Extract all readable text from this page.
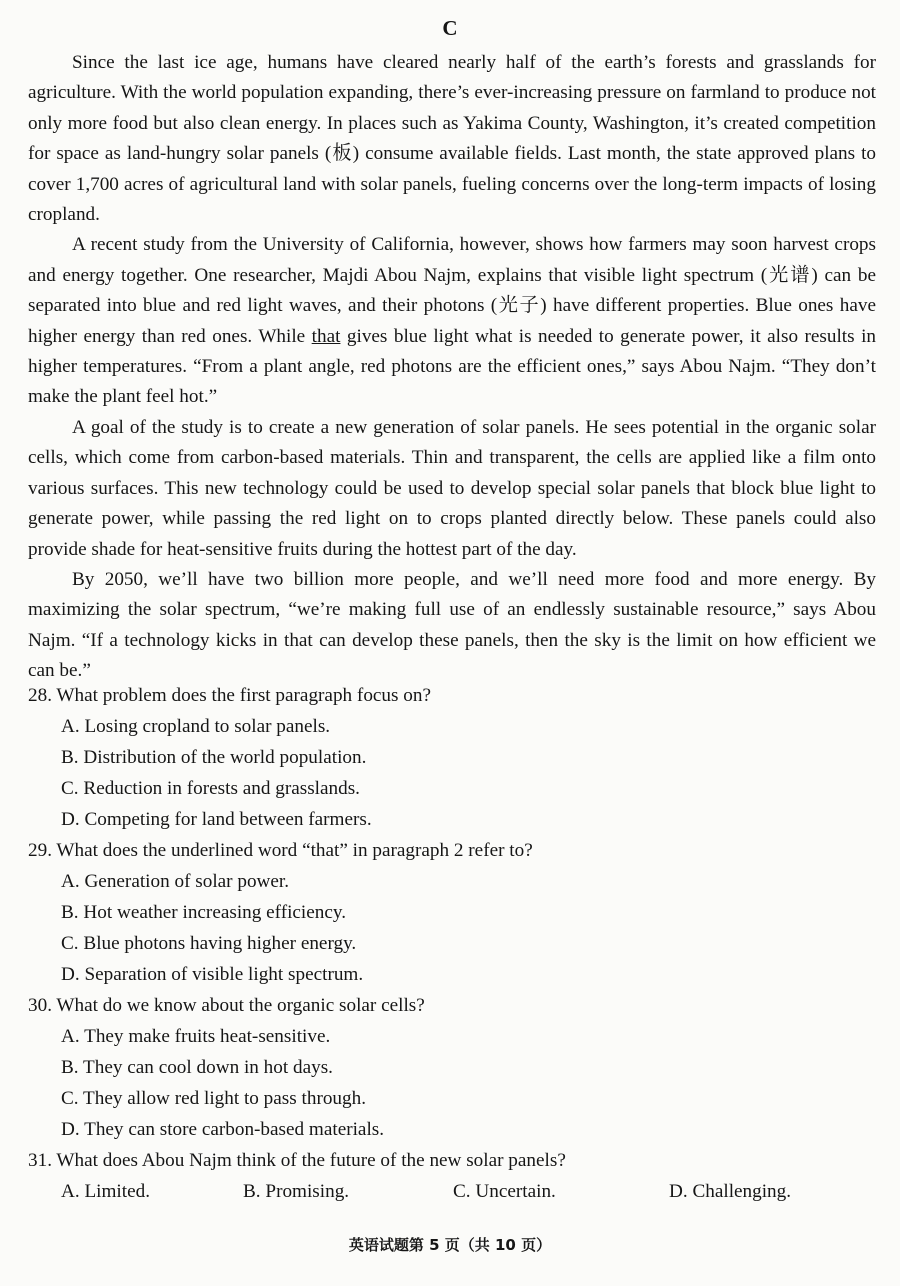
C

Since the last ice age, humans have cleared nearly half of the earth’s forests and grasslands for agriculture. With the world population expanding, there’s ever-increasing pressure on farmland to produce not only more food but also clean energy. In places such as Yakima County, Washington, it’s created competition for space as land-hungry solar panels (板) consume available fields. Last month, the state approved plans to cover 1,700 acres of agricultural land with solar panels, fueling concerns over the long-term impacts of losing cropland.

A recent study from the University of California, however, shows how farmers may soon harvest crops and energy together. One researcher, Majdi Abou Najm, explains that visible light spectrum (光谱) can be separated into blue and red light waves, and their photons (光子) have different properties. Blue ones have higher energy than red ones. While that gives blue light what is needed to generate power, it also results in higher temperatures. “From a plant angle, red photons are the efficient ones,” says Abou Najm. “They don’t make the plant feel hot.”

A goal of the study is to create a new generation of solar panels. He sees potential in the organic solar cells, which come from carbon-based materials. Thin and transparent, the cells are applied like a film onto various surfaces. This new technology could be used to develop special solar panels that block blue light to generate power, while passing the red light on to crops planted directly below. These panels could also provide shade for heat-sensitive fruits during the hottest part of the day.

By 2050, we’ll have two billion more people, and we’ll need more food and more energy. By maximizing the solar spectrum, “we’re making full use of an endlessly sustainable resource,” says Abou Najm. “If a technology kicks in that can develop these panels, then the sky is the limit on how efficient we can be.”

28. What problem does the first paragraph focus on?

A. Losing cropland to solar panels.

B. Distribution of the world population.

C. Reduction in forests and grasslands.

D. Competing for land between farmers.

29. What does the underlined word “that” in paragraph 2 refer to?

A. Generation of solar power.

B. Hot weather increasing efficiency.

C. Blue photons having higher energy.

D. Separation of visible light spectrum.

30. What do we know about the organic solar cells?

A. They make fruits heat-sensitive.

B. They can cool down in hot days.

C. They allow red light to pass through.

D. They can store carbon-based materials.

31. What does Abou Najm think of the future of the new solar panels?

A. Limited.	B. Promising.	C. Uncertain.	D. Challenging.
英语试题第 5 页（共 10 页）
